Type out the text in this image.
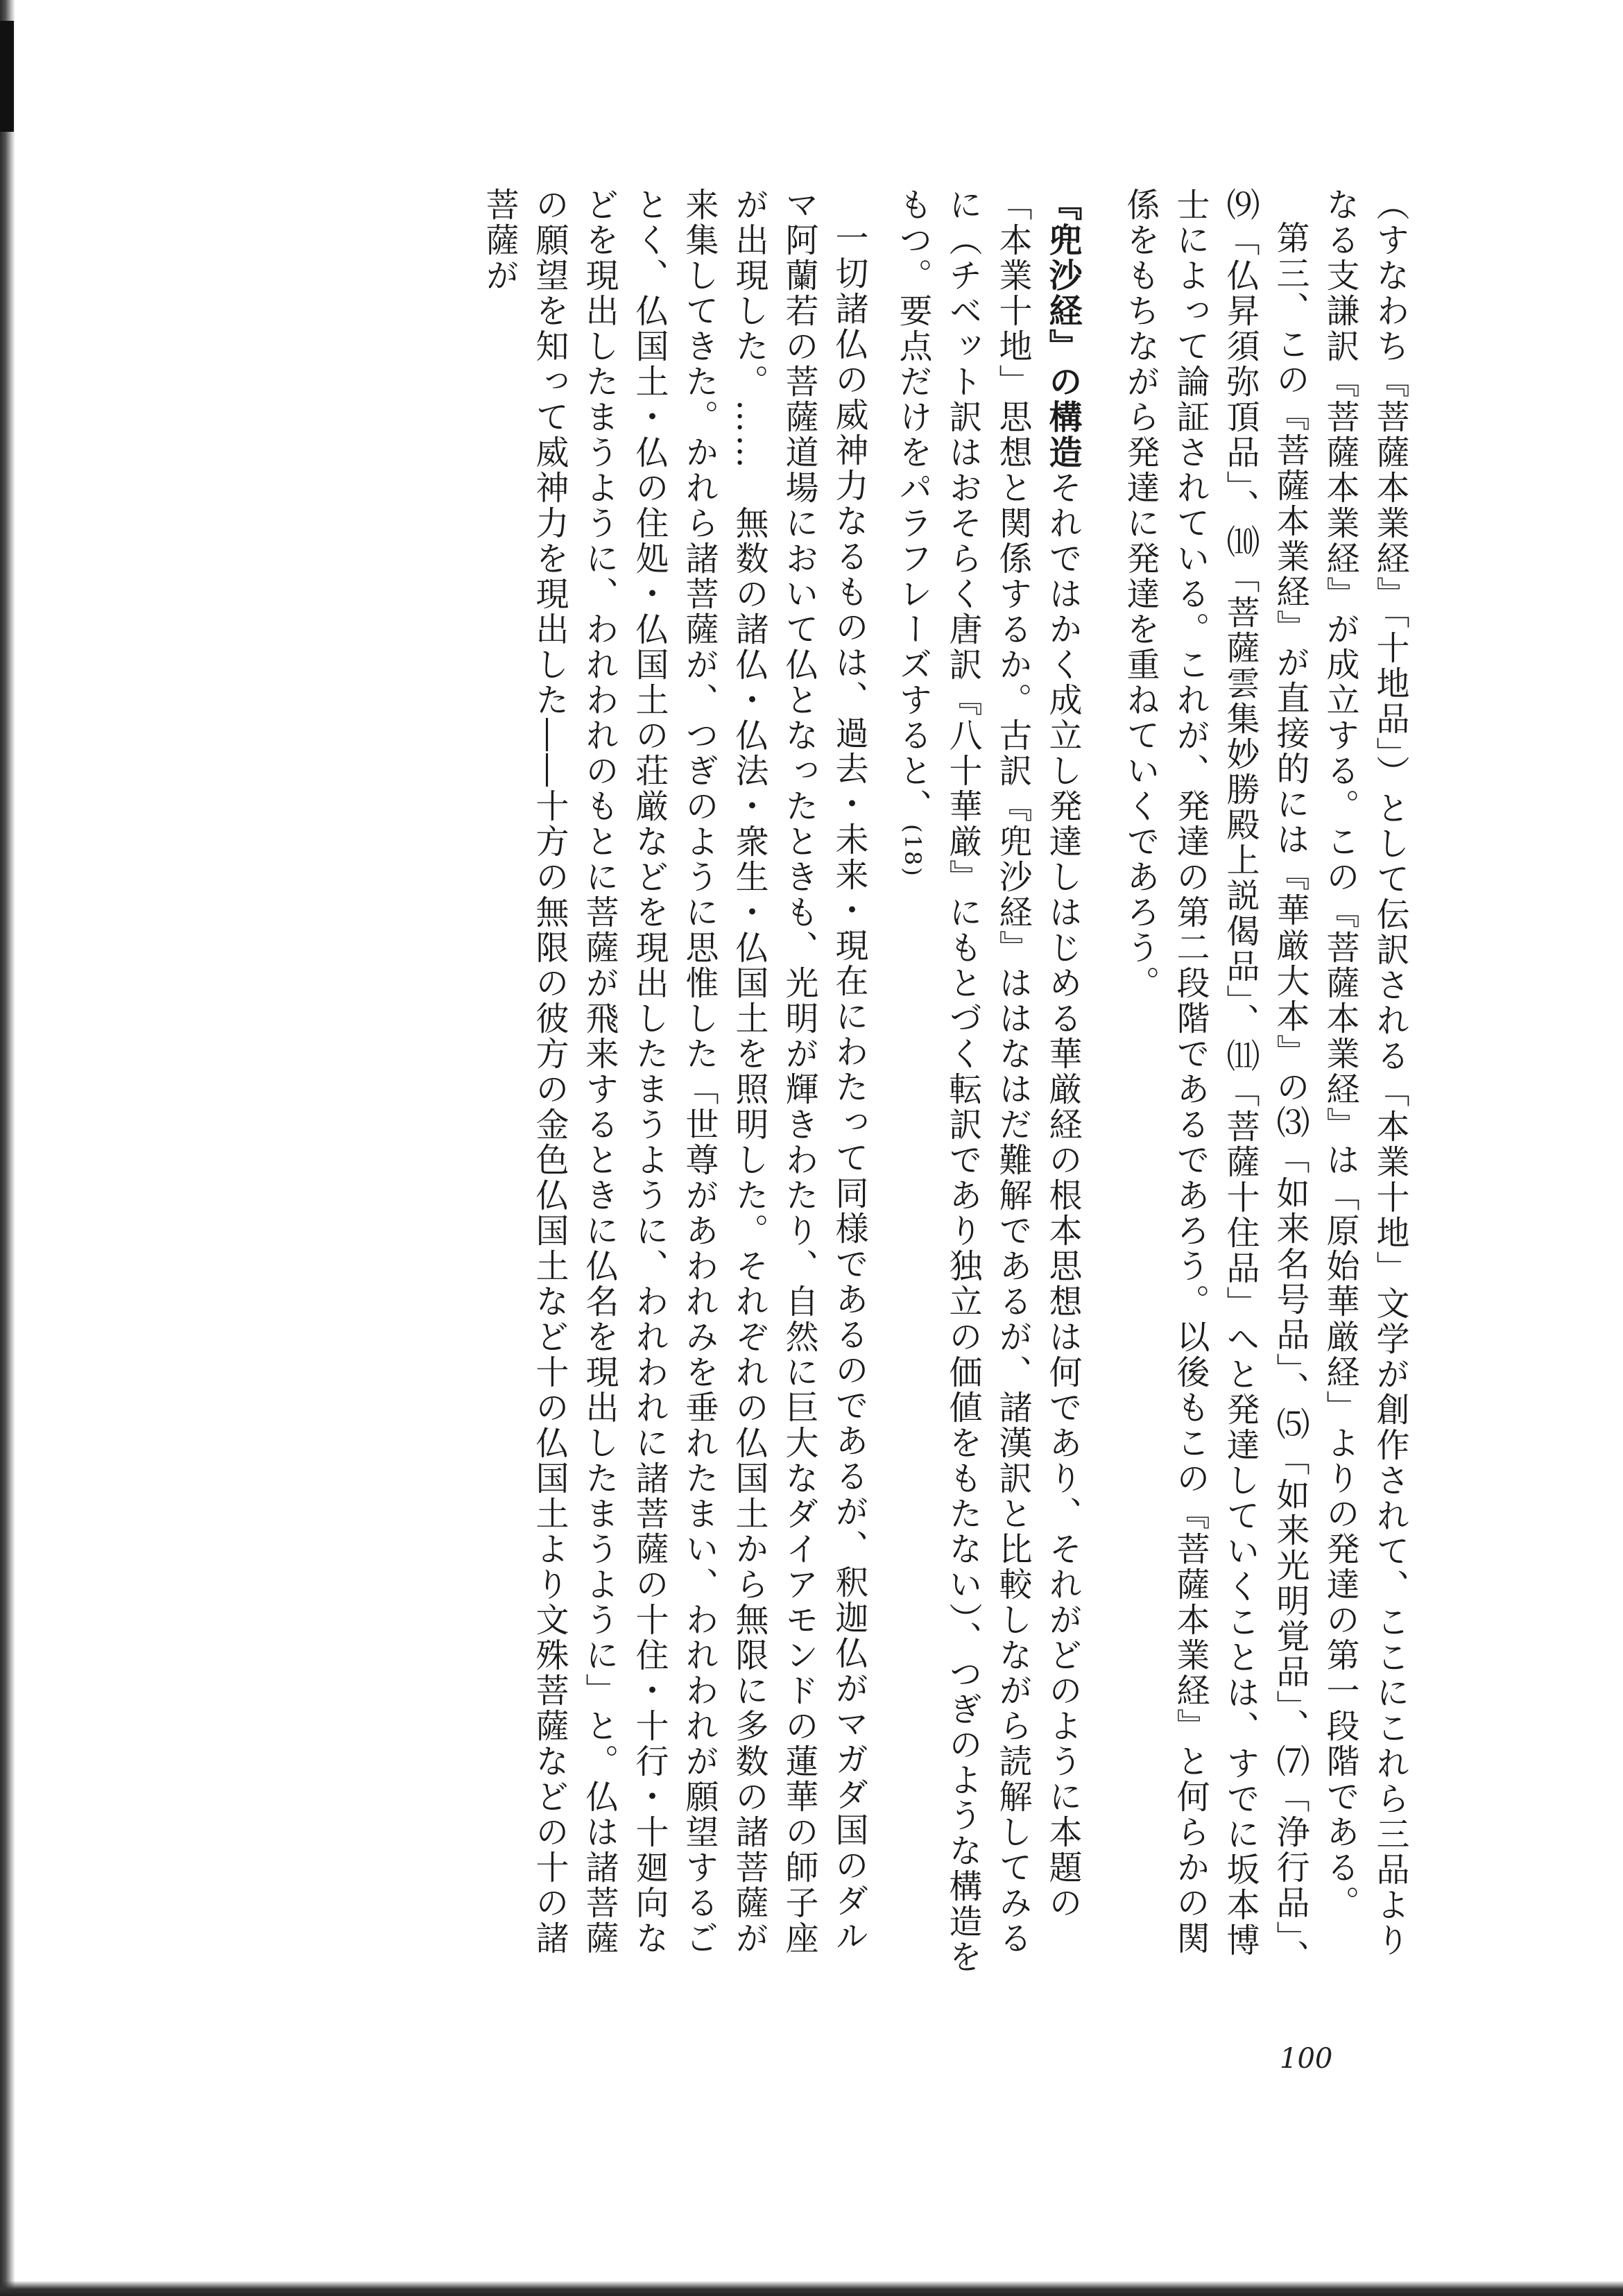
（すなわち『菩薩本業経』「十地品」）として伝訳される「本業十地」文学が創作されて、ここにこれら三品よりなる支謙訳『菩薩本業経』が成立する。この『菩薩本業経』は「原始華厳経」よりの発達の第一段階である。

第三、この『菩薩本業経』が直接的には『華厳大本』の⑶「如来名号品」、⑸「如来光明覚品」、⑺「浄行品」、⑼「仏昇須弥頂品」、⑽「菩薩雲集妙勝殿上説偈品」、⑾「菩薩十住品」へと発達していくことは、すでに坂本博士によって論証されている。これが、発達の第二段階であるであろう。以後もこの『菩薩本業経』と何らかの関係をもちながら発達に発達を重ねていくであろう。

『兜沙経』の構造それではかく成立し発達しはじめる華厳経の根本思想は何であり、それがどのように本題の「本業十地」思想と関係するか。古訳『兜沙経』ははなはだ難解であるが、諸漢訳と比較しながら読解してみるに（チベット訳はおそらく唐訳『八十華厳』にもとづく転訳であり独立の価値をもたない）、つぎのような構造をもつ。要点だけをパラフレーズすると、(18)

一切諸仏の威神力なるものは、過去・未来・現在にわたって同様であるのであるが、釈迦仏がマガダ国のダルマ阿蘭若の菩薩道場において仏となったときも、光明が輝きわたり、自然に巨大なダイアモンドの蓮華の師子座が出現した。……　無数の諸仏・仏法・衆生・仏国土を照明した。それぞれの仏国土から無限に多数の諸菩薩が来集してきた。かれら諸菩薩が、つぎのように思惟した「世尊があわれみを垂れたまい、われわれが願望するごとく、仏国土・仏の住処・仏国土の荘厳などを現出したまうように、われわれに諸菩薩の十住・十行・十廻向などを現出したまうように、われわれのもとに菩薩が飛来するときに仏名を現出したまうように」と。仏は諸菩薩の願望を知って威神力を現出した――十方の無限の彼方の金色仏国土など十の仏国土より文殊菩薩などの十の諸菩薩が

100
